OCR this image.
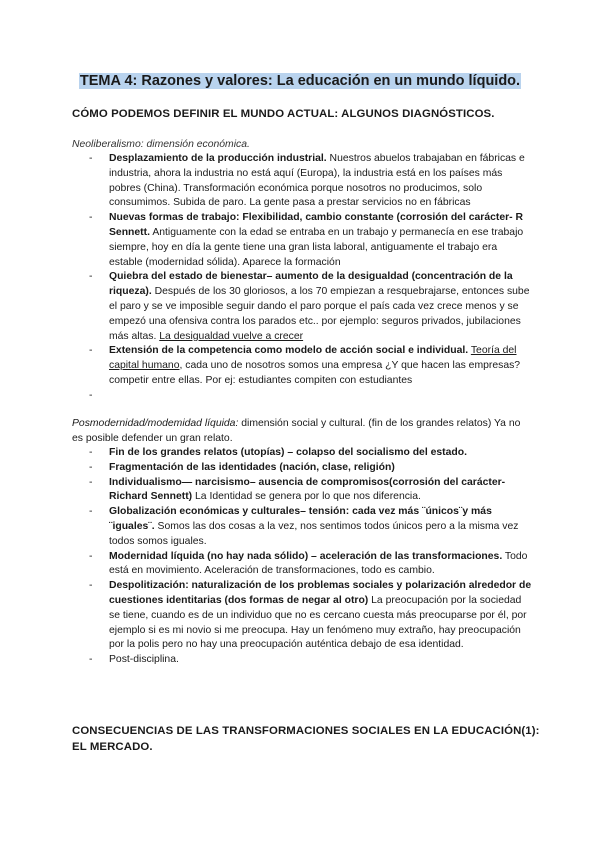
TEMA 4: Razones y valores: La educación en un mundo líquido.
CÓMO PODEMOS DEFINIR EL MUNDO ACTUAL: ALGUNOS DIAGNÓSTICOS.
Neoliberalismo: dimensión económica.
- Desplazamiento de la producción industrial. Nuestros abuelos trabajaban en fábricas e industria, ahora la industria no está aquí (Europa), la industria está en los países más pobres (China). Transformación económica porque nosotros no producimos, solo consumimos. Subida de paro. La gente pasa a prestar servicios no en fábricas
- Nuevas formas de trabajo: Flexibilidad, cambio constante (corrosión del carácter- R Sennett. Antiguamente con la edad se entraba en un trabajo y permanecía en ese trabajo siempre, hoy en día la gente tiene una gran lista laboral, antiguamente el trabajo era estable (modernidad sólida). Aparece la formación
- Quiebra del estado de bienestar– aumento de la desigualdad (concentración de la riqueza). Después de los 30 gloriosos, a los 70 empiezan a resquebrajarse, entonces sube el paro y se ve imposible seguir dando el paro porque el país cada vez crece menos y se empezó una ofensiva contra los parados etc.. por ejemplo: seguros privados, jubilaciones más altas. La desigualdad vuelve a crecer
- Extensión de la competencia como modelo de acción social e individual. Teoría del capital humano, cada uno de nosotros somos una empresa ¿Y que hacen las empresas? competir entre ellas. Por ej: estudiantes compiten con estudiantes
-
Posmodernidad/modemidad líquida: dimensión social y cultural. (fin de los grandes relatos) Ya no es posible defender un gran relato.
- Fin de los grandes relatos (utopías) – colapso del socialismo del estado.
- Fragmentación de las identidades (nación, clase, religión)
- Individualismo— narcisismo– ausencia de compromisos(corrosión del carácter-Richard Sennett) La Identidad se genera por lo que nos diferencia.
- Globalización económicas y culturales– tensión: cada vez más ¨únicos¨y más ¨iguales¨. Somos las dos cosas a la vez, nos sentimos todos únicos pero a la misma vez todos somos iguales.
- Modernidad líquida (no hay nada sólido) – aceleración de las transformaciones. Todo está en movimiento. Aceleración de transformaciones, todo es cambio.
- Despolitización: naturalización de los problemas sociales y polarización alrededor de cuestiones identitarias (dos formas de negar al otro) La preocupación por la sociedad se tiene, cuando es de un individuo que no es cercano cuesta más preocuparse por él, por ejemplo si es mi novio si me preocupa. Hay un fenómeno muy extraño, hay preocupación por la polis pero no hay una preocupación auténtica debajo de esa identidad.
- Post-disciplina.
CONSECUENCIAS DE LAS TRANSFORMACIONES SOCIALES EN LA EDUCACIÓN(1): EL MERCADO.
